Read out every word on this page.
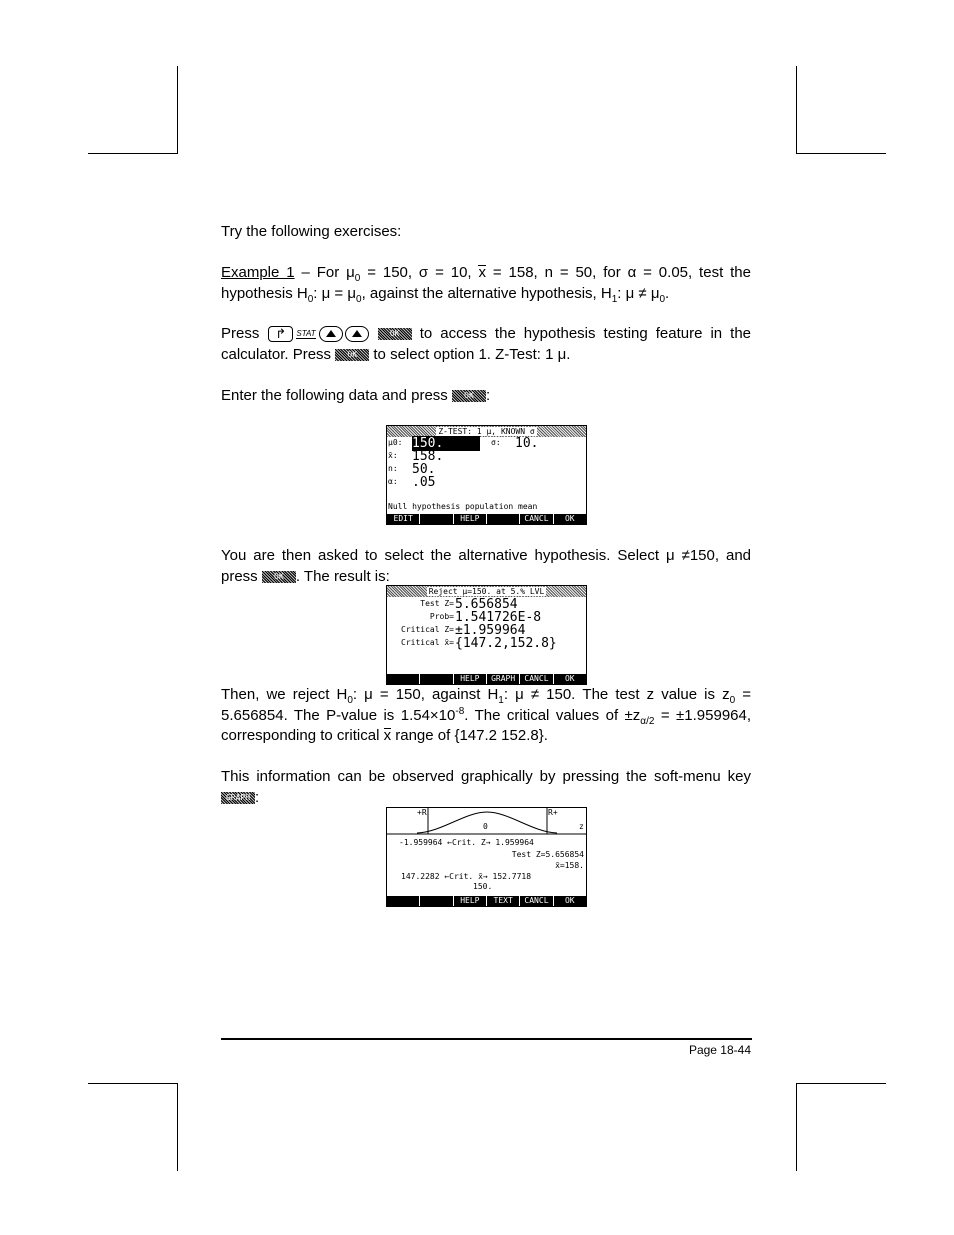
Try the following exercises:
Example 1 – For $\mu_0 = 150$, σ = 10, x = 158, n = 50, for α = 0.05, test the hypothesis $H_0$: $\mu = \mu_0$, against the alternative hypothesis, $H_1$: $\mu \ne \mu_0$.
Press ↱	STAT	OK to access the hypothesis testing feature in the calculator. Press OK to select option 1. Z-Test: 1 μ.
Enter the following data and press OK :
Z-TEST: 1 μ, KNOWN σ
μ0: 150.	σ: 10.
x̄: 158.
n: 50.
α: .05
Null hypothesis population mean
EDIT	HELP	CANCL	OK
You are then asked to select the alternative hypothesis. Select μ ≠150, and press OK . The result is:
Reject μ=150. at 5.% LVL
Test Z= 5.656854
Prob= 1.541726E-8
Critical Z= ±1.959964
Critical x̄= {147.2,152.8}
HELP	GRAPH	CANCL	OK
Then, we reject $H_0$: μ = 150, against $H_1$: μ ≠ 150. The test z value is $z_0 = 5.656854$. The P-value is $1.54\times 10^{-8}$. The critical values of $\pm z_{\alpha/2} = \pm 1.959964$, corresponding to critical x range of {147.2 152.8}.
This information can be observed graphically by pressing the soft-menu key GRAPH :
+R	R+
0	z
-1.959964 ←Crit. Z→ 1.959964
Test Z=5.656854
x̄=158.
147.2282 ←Crit. x̄→ 152.7718
150.
HELP	TEXT	CANCL	OK
Page 18-44
